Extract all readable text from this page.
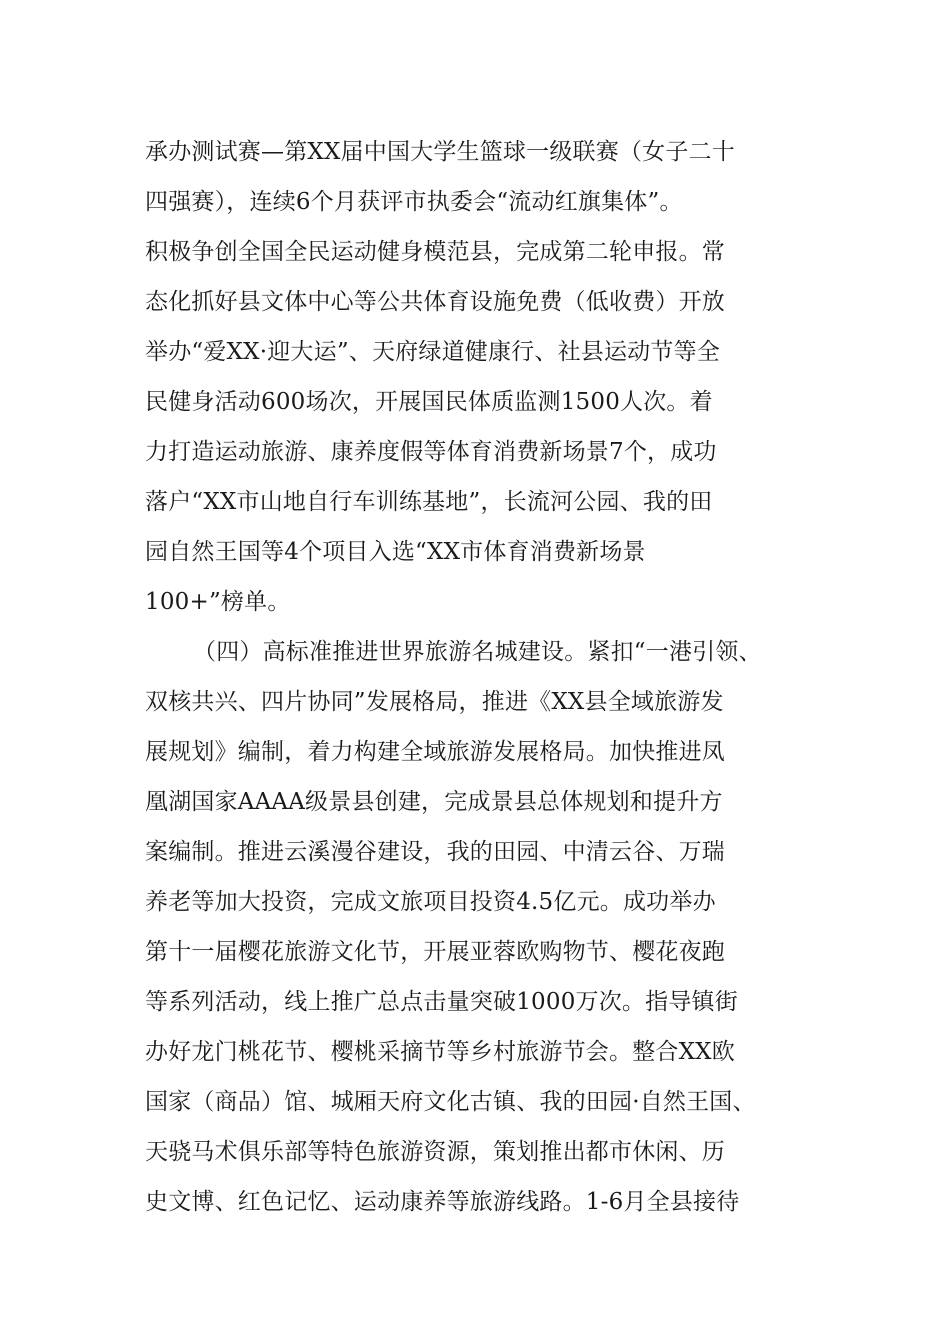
承办测试赛—第XX届中国大学生篮球一级联赛（女子二十
四强赛），连续6个月获评市执委会“流动红旗集体”。
积极争创全国全民运动健身模范县，完成第二轮申报。常
态化抓好县文体中心等公共体育设施免费（低收费）开放
举办“爱XX·迎大运”、天府绿道健康行、社县运动节等全
民健身活动600场次，开展国民体质监测1500人次。着
力打造运动旅游、康养度假等体育消费新场景7个，成功
落户“XX市山地自行车训练基地”，长流河公园、我的田
园自然王国等4个项目入选“XX市体育消费新场景
100+”榜单。
（四）高标准推进世界旅游名城建设。紧扣“一港引领、
双核共兴、四片协同”发展格局，推进《XX县全域旅游发
展规划》编制，着力构建全域旅游发展格局。加快推进凤
凰湖国家AAAA级景县创建，完成景县总体规划和提升方
案编制。推进云溪漫谷建设，我的田园、中清云谷、万瑞
养老等加大投资，完成文旅项目投资4.5亿元。成功举办
第十一届樱花旅游文化节，开展亚蓉欧购物节、樱花夜跑
等系列活动，线上推广总点击量突破1000万次。指导镇街
办好龙门桃花节、樱桃采摘节等乡村旅游节会。整合XX欧
国家（商品）馆、城厢天府文化古镇、我的田园·自然王国、
天骁马术俱乐部等特色旅游资源，策划推出都市休闲、历
史文博、红色记忆、运动康养等旅游线路。1-6月全县接待
